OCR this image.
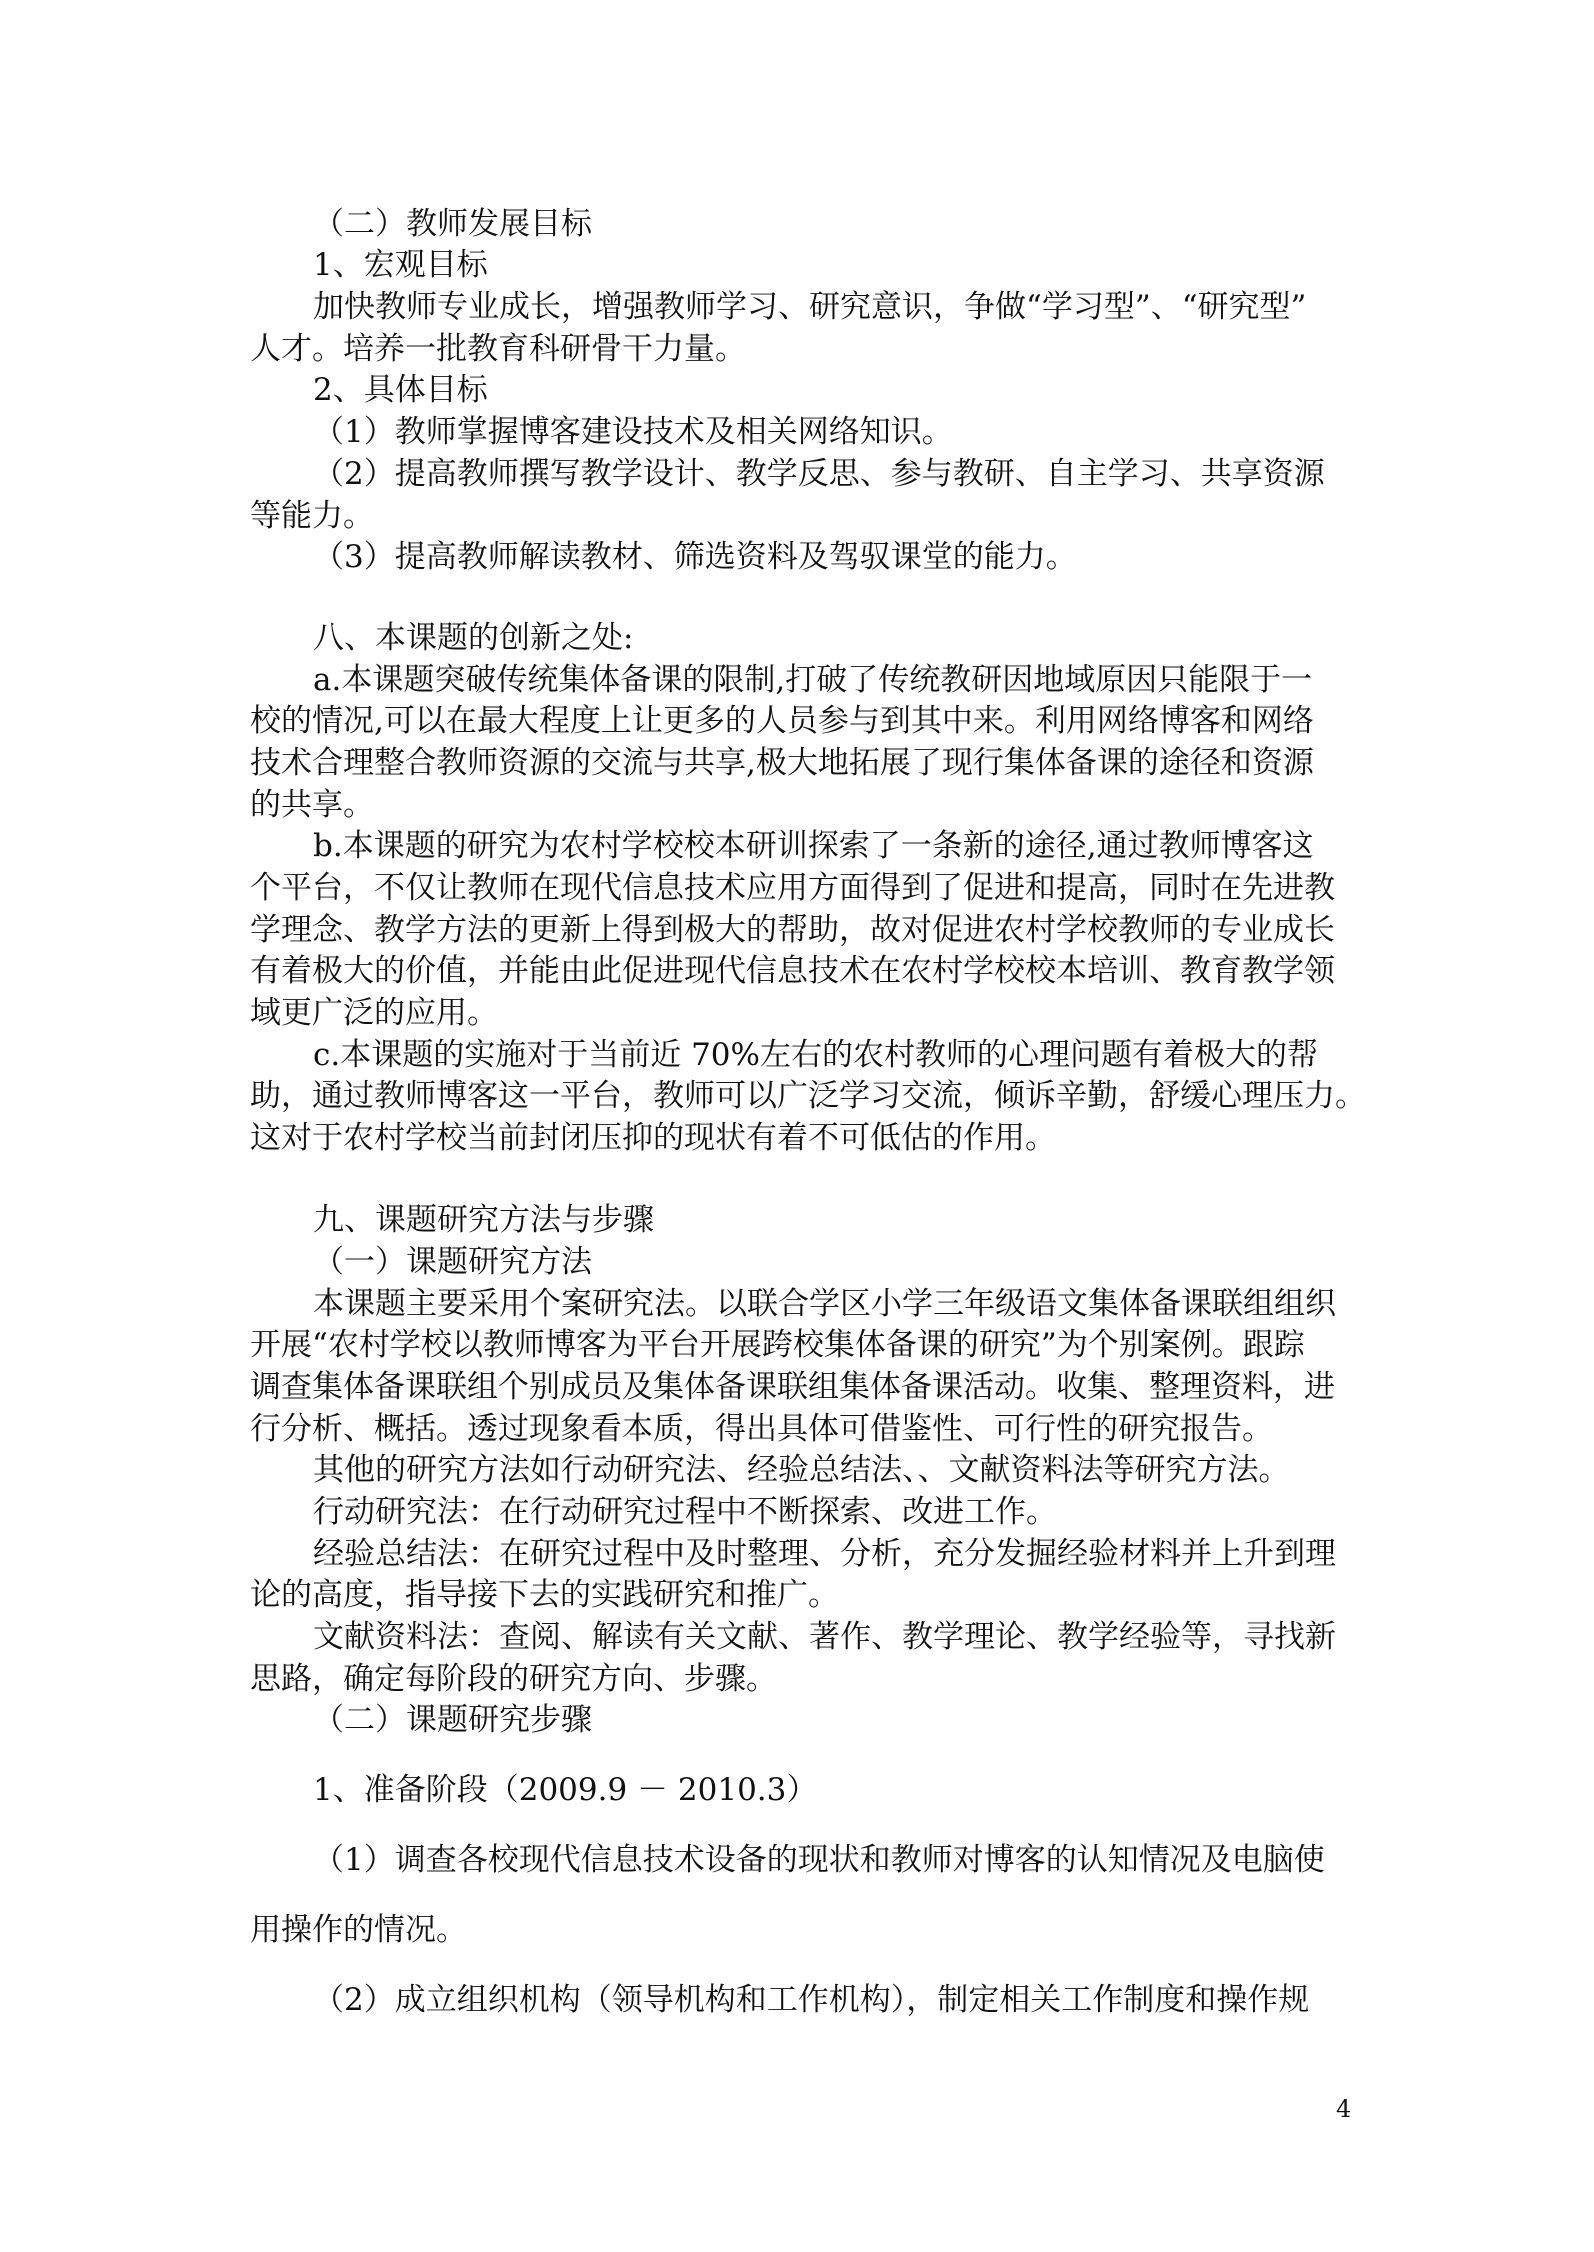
（二）教师发展目标
1、宏观目标
加快教师专业成长，增强教师学习、研究意识，争做“学习型”、“研究型”
人才。培养一批教育科研骨干力量。
2、具体目标
（1）教师掌握博客建设技术及相关网络知识。
（2）提高教师撰写教学设计、教学反思、参与教研、自主学习、共享资源
等能力。
（3）提高教师解读教材、筛选资料及驾驭课堂的能力。
八、本课题的创新之处:
a.本课题突破传统集体备课的限制,打破了传统教研因地域原因只能限于一
校的情况,可以在最大程度上让更多的人员参与到其中来。利用网络博客和网络
技术合理整合教师资源的交流与共享,极大地拓展了现行集体备课的途径和资源
的共享。
b.本课题的研究为农村学校校本研训探索了一条新的途径,通过教师博客这
个平台，不仅让教师在现代信息技术应用方面得到了促进和提高，同时在先进教
学理念、教学方法的更新上得到极大的帮助，故对促进农村学校教师的专业成长
有着极大的价值，并能由此促进现代信息技术在农村学校校本培训、教育教学领
域更广泛的应用。
c.本课题的实施对于当前近 70%左右的农村教师的心理问题有着极大的帮
助，通过教师博客这一平台，教师可以广泛学习交流，倾诉辛勤，舒缓心理压力。
这对于农村学校当前封闭压抑的现状有着不可低估的作用。
九、课题研究方法与步骤
（一）课题研究方法
本课题主要采用个案研究法。以联合学区小学三年级语文集体备课联组组织
开展“农村学校以教师博客为平台开展跨校集体备课的研究”为个别案例。跟踪
调查集体备课联组个别成员及集体备课联组集体备课活动。收集、整理资料，进
行分析、概括。透过现象看本质，得出具体可借鉴性、可行性的研究报告。
其他的研究方法如行动研究法、经验总结法、、文献资料法等研究方法。
行动研究法：在行动研究过程中不断探索、改进工作。
经验总结法：在研究过程中及时整理、分析，充分发掘经验材料并上升到理
论的高度，指导接下去的实践研究和推广。
文献资料法：查阅、解读有关文献、著作、教学理论、教学经验等，寻找新
思路，确定每阶段的研究方向、步骤。
（二）课题研究步骤
1、准备阶段（2009.9 － 2010.3）
（1）调查各校现代信息技术设备的现状和教师对博客的认知情况及电脑使
用操作的情况。
（2）成立组织机构（领导机构和工作机构），制定相关工作制度和操作规
4
